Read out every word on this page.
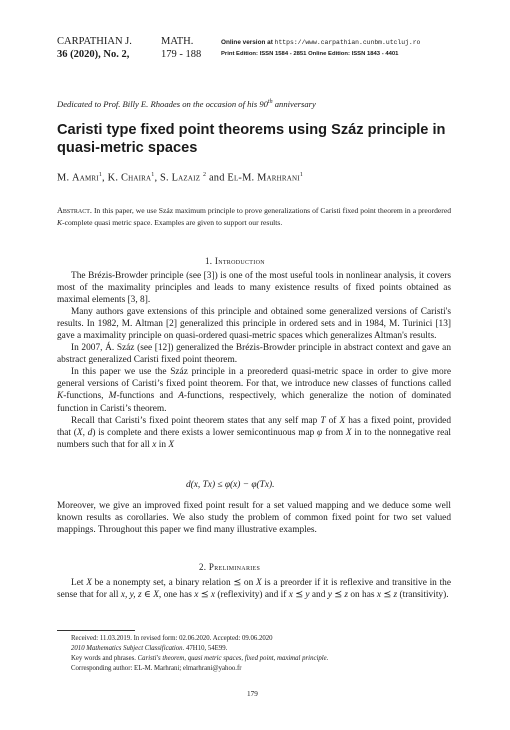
CARPATHIAN J.
36 (2020), No. 2,
MATH.
179 - 188
Online version at https://www.carpathian.cunbm.utcluj.ro
Print Edition: ISSN 1584 - 2851 Online Edition: ISSN 1843 - 4401
Dedicated to Prof. Billy E. Rhoades on the occasion of his 90th anniversary
Caristi type fixed point theorems using Száz principle in quasi-metric spaces
M. Aamri$^1$, K. Chaira$^1$, S. Lazaiz $^2$ and El-M. Marhrani$^1$
Abstract. In this paper, we use Száz maximum principle to prove generalizations of Caristi fixed point theorem in a preordered K-complete quasi metric space. Examples are given to support our results.
1. Introduction

The Brézis-Browder principle (see [3]) is one of the most useful tools in nonlinear analysis, it covers most of the maximality principles and leads to many existence results of fixed points obtained as maximal elements [3, 8].

Many authors gave extensions of this principle and obtained some generalized versions of Caristi's results. In 1982, M. Altman [2] generalized this principle in ordered sets and in 1984, M. Turinici [13] gave a maximality principle on quasi-ordered quasi-metric spaces which generalizes Altman's results.

In 2007, Á. Száz (see [12]) generalized the Brézis-Browder principle in abstract context and gave an abstract generalized Caristi fixed point theorem.

In this paper we use the Száz principle in a preorederd quasi-metric space in order to give more general versions of Caristi’s fixed point theorem. For that, we introduce new classes of functions called K-functions, M-functions and A-functions, respectively, which generalize the notion of dominated function in Caristi’s theorem.

Recall that Caristi’s fixed point theorem states that any self map T of X has a fixed point, provided that (X, d) is complete and there exists a lower semicontinuous map φ from X in to the nonnegative real numbers such that for all x in X

d(x, Tx) ≤ φ(x) − φ(Tx).

Moreover, we give an improved fixed point result for a set valued mapping and we deduce some well known results as corollaries. We also study the problem of common fixed point for two set valued mappings. Throughout this paper we find many illustrative examples.

2. Preliminaries

Let X be a nonempty set, a binary relation ⪯ on X is a preorder if it is reflexive and transitive in the sense that for all x, y, z ∈ X, one has x ⪯ x (reflexivity) and if x ⪯ y and y ⪯ z on has x ⪯ z (transitivity).

Received: 11.03.2019. In revised form: 02.06.2020. Accepted: 09.06.2020
2010 Mathematics Subject Classification. 47H10, 54E99.
Key words and phrases. Caristi's theorem, quasi metric spaces, fixed point, maximal principle.
Corresponding author: EL-M. Marhrani; elmarhrani@yahoo.fr
179
